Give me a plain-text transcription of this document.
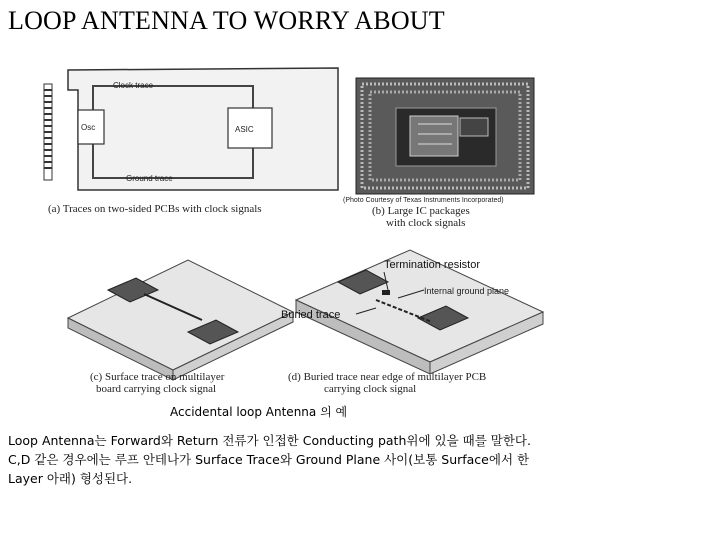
LOOP ANTENNA TO WORRY ABOUT
Clock trace
Osc	ASIC
Ground trace
(a) Traces on two-sided PCBs with clock signals
(Photo Courtesy of Texas Instruments Incorporated)
(b) Large IC packages
with clock signals
(c) Surface trace on multilayer
board carrying clock signal
Termination resistor
Internal ground plane
Buried trace
(d) Buried trace near edge of multilayer PCB
carrying clock signal
Accidental loop Antenna 의 예
Loop Antenna는 Forward와 Return 전류가 인접한 Conducting path위에 있을 때를 말한다.
C,D 같은 경우에는 루프 안테나가 Surface Trace와 Ground Plane 사이(보통 Surface에서 한
Layer 아래) 형성된다.
